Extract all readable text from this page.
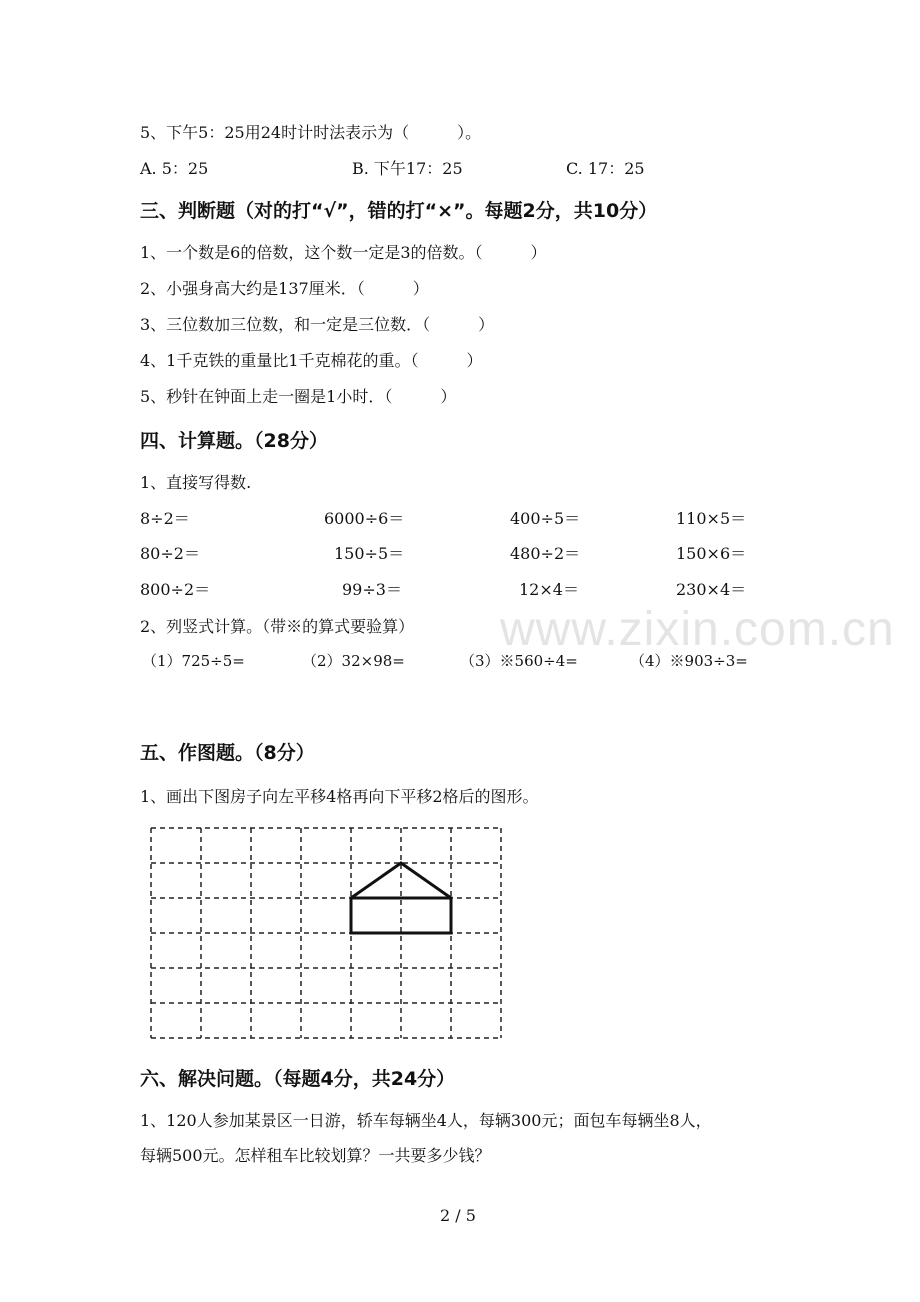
www.zixin.com.cn
5、下午5：25用24时计时法表示为（　　　）。
A. 5：25	B. 下午17：25	C. 17：25
三、判断题（对的打“√”，错的打“×”。每题2分，共10分）
1、一个数是6的倍数，这个数一定是3的倍数。（　　　）
2、小强身高大约是137厘米．（　　　）
3、三位数加三位数，和一定是三位数．（　　　）
4、1千克铁的重量比1千克棉花的重。（　　　）
5、秒针在钟面上走一圈是1小时．（　　　）
四、计算题。（28分）
1、直接写得数.
8÷2＝	6000÷6＝	400÷5＝	110×5＝
80÷2＝	150÷5＝	480÷2＝	150×6＝
800÷2＝	99÷3＝	12×4＝	230×4＝
2、列竖式计算。（带※的算式要验算）
（1）725÷5=	（2）32×98=	（3）※560÷4=	（4）※903÷3=
五、作图题。（8分）
1、画出下图房子向左平移4格再向下平移2格后的图形。
六、解决问题。（每题4分，共24分）
1、120人参加某景区一日游，轿车每辆坐4人，每辆300元；面包车每辆坐8人，
每辆500元。怎样租车比较划算？一共要多少钱？
2 / 5
